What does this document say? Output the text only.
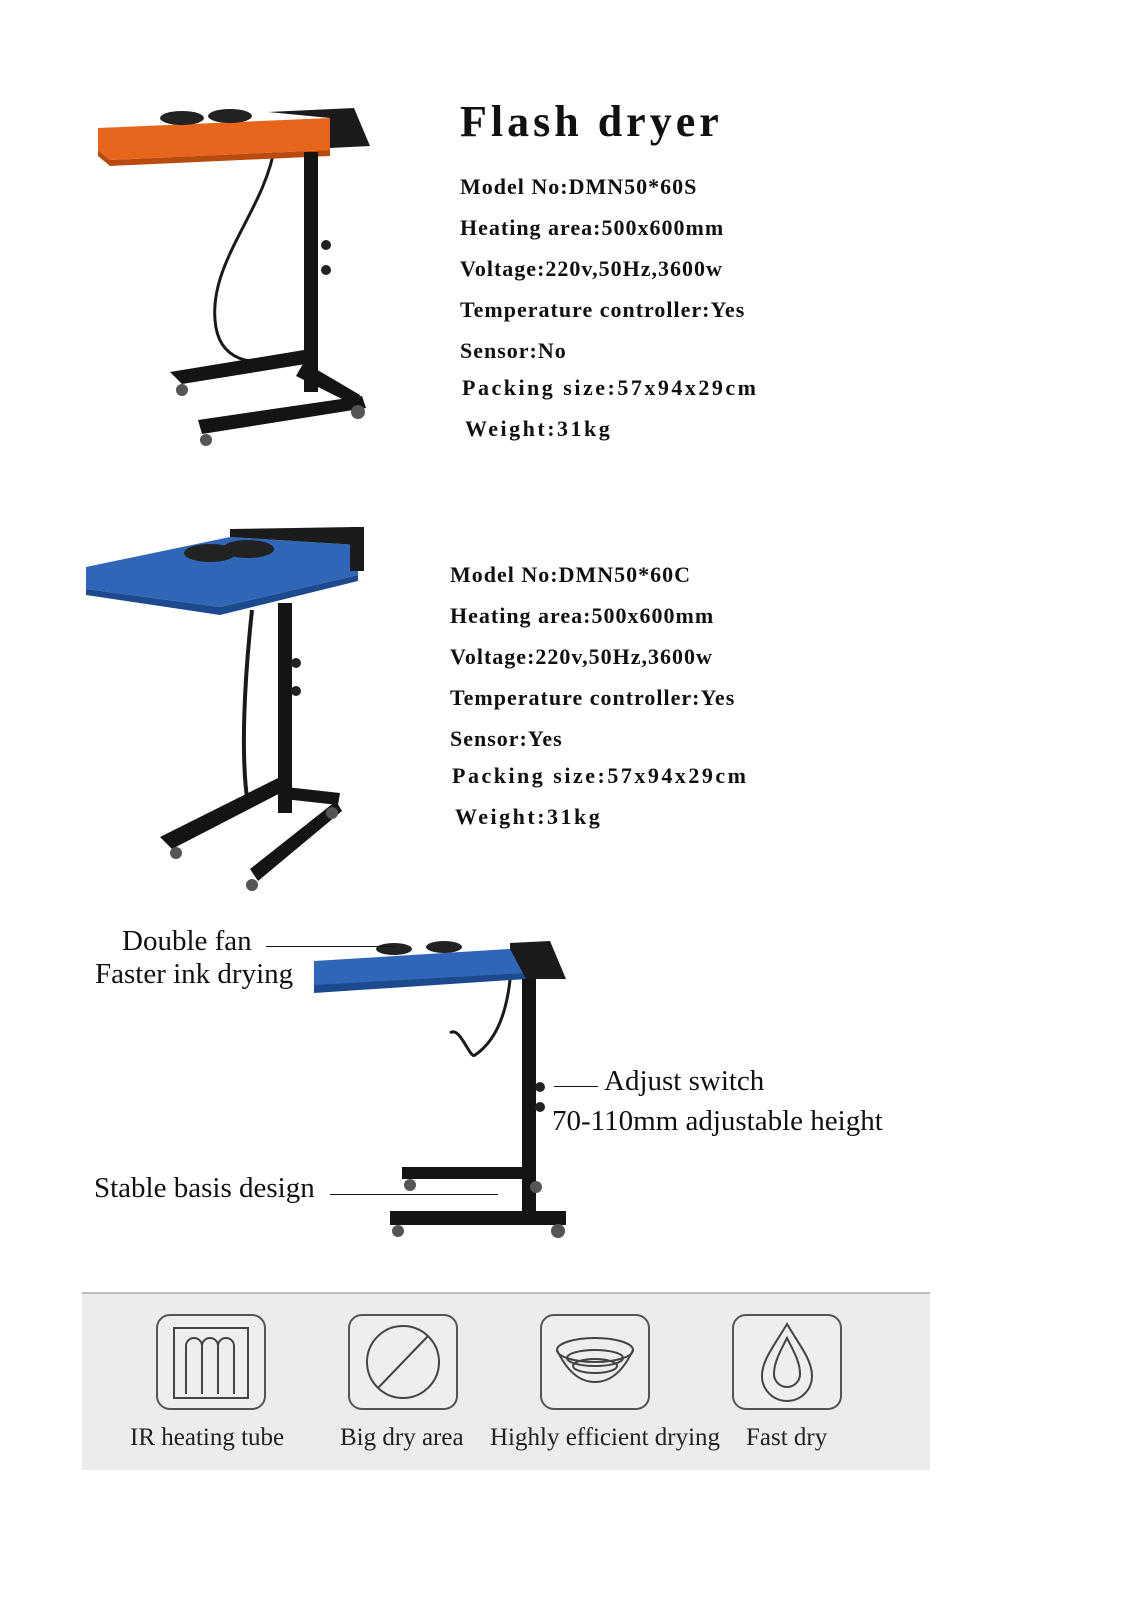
Flash dryer
Model No:DMN50*60S
Heating area:500x600mm
Voltage:220v,50Hz,3600w
Temperature controller:Yes
Sensor:No
Packing size:57x94x29cm
Weight:31kg
Model No:DMN50*60C
Heating area:500x600mm
Voltage:220v,50Hz,3600w
Temperature controller:Yes
Sensor:Yes
Packing size:57x94x29cm
Weight:31kg
Double fan
Faster ink drying
Adjust switch
70-110mm adjustable height
Stable basis design
IR heating tube Big dry area Highly efficient drying Fast dry
